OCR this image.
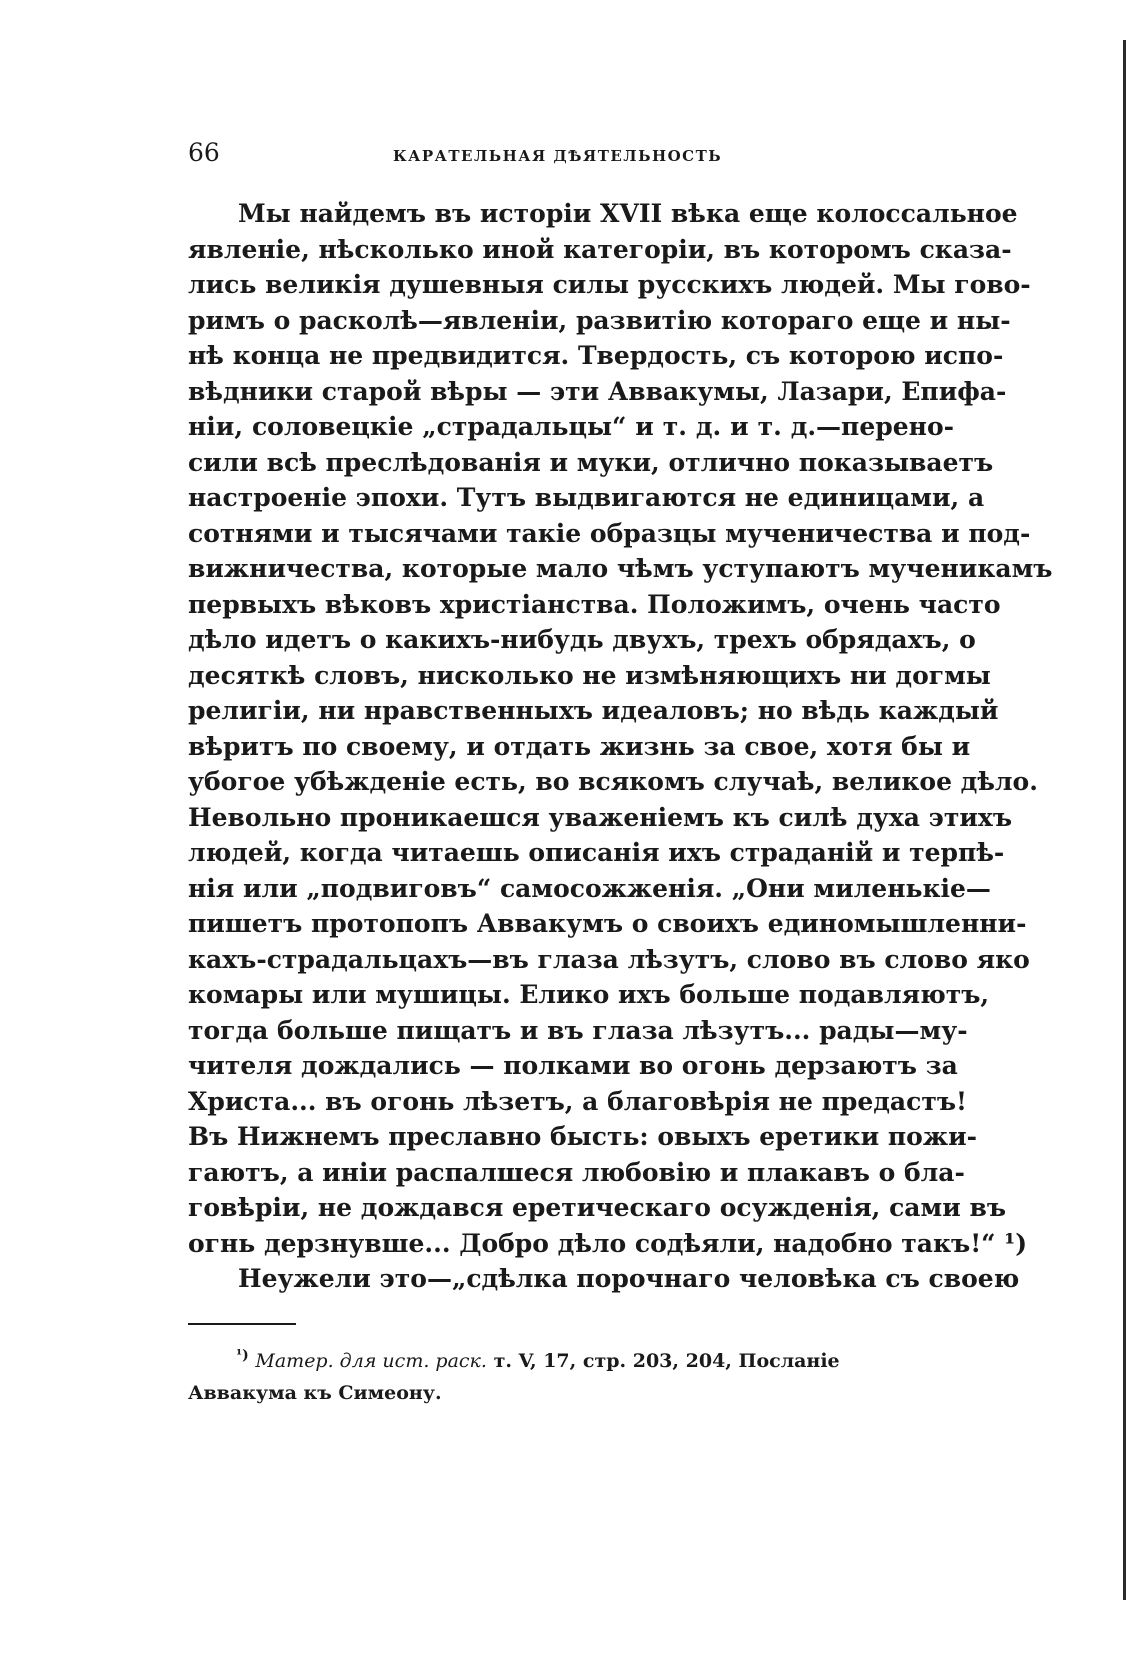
66	КАРАТЕЛЬНАЯ ДѢЯТЕЛЬНОСТЬ
Мы найдемъ въ исторіи XVII вѣка еще колоссальное
явленіе, нѣсколько иной категоріи, въ которомъ сказа-
лись великія душевныя силы русскихъ людей. Мы гово-
римъ о расколѣ—явленіи, развитію котораго еще и ны-
нѣ конца не предвидится. Твердость, съ которою испо-
вѣдники старой вѣры — эти Аввакумы, Лазари, Епифа-
ніи, соловецкіе „страдальцы“ и т. д. и т. д.—перено-
сили всѣ преслѣдованія и муки, отлично показываетъ
настроеніе эпохи. Тутъ выдвигаются не единицами, а
сотнями и тысячами такіе образцы мученичества и под-
вижничества, которые мало чѣмъ уступаютъ мученикамъ
первыхъ вѣковъ христіанства. Положимъ, очень часто
дѣло идетъ о какихъ-нибудь двухъ, трехъ обрядахъ, о
десяткѣ словъ, нисколько не измѣняющихъ ни догмы
религіи, ни нравственныхъ идеаловъ; но вѣдь каждый
вѣритъ по своему, и отдать жизнь за свое, хотя бы и
убогое убѣжденіе есть, во всякомъ случаѣ, великое дѣло.
Невольно проникаешся уваженіемъ къ силѣ духа этихъ
людей, когда читаешь описанія ихъ страданій и терпѣ-
нія или „подвиговъ“ самосожженія. „Они миленькіе—
пишетъ протопопъ Аввакумъ о своихъ единомышленни-
кахъ-страдальцахъ—въ глаза лѣзутъ, слово въ слово яко
комары или мушицы. Елико ихъ больше подавляютъ,
тогда больше пищатъ и въ глаза лѣзутъ... рады—му-
чителя дождались — полками во огонь дерзаютъ за
Христа... въ огонь лѣзетъ, а благовѣрія не предастъ!
Въ Нижнемъ преславно бысть: овыхъ еретики пожи-
гаютъ, а иніи распалшеся любовію и плакавъ о бла-
говѣріи, не дождався еретическаго осужденія, сами въ
огнь дерзнувше... Добро дѣло содѣяли, надобно такъ!“ ¹)
Неужели это—„сдѣлка порочнаго человѣка съ своею
$^{^1)}$ Матер. для ист. раск. т. V, 17, стр. 203, 204, Посланіе
Аввакума къ Симеону.
